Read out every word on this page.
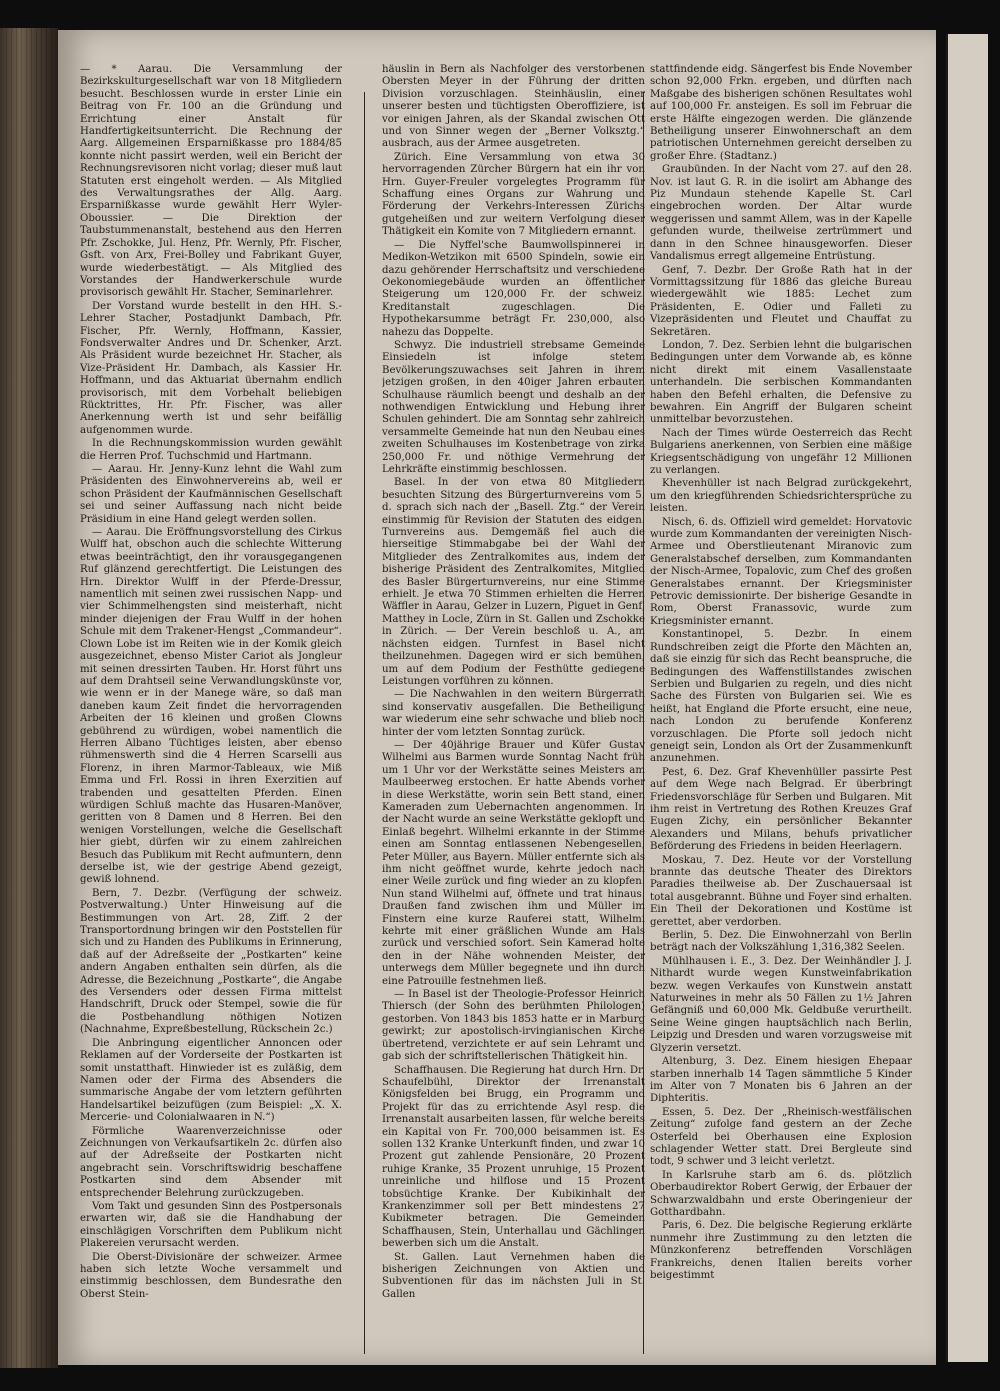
— * Aarau. Die Versammlung der Bezirkskulturgesellschaft war von 18 Mitgliedern besucht. Beschlossen wurde in erster Linie ein Beitrag von Fr. 100 an die Gründung und Errichtung einer Anstalt für Handfertigkeitsunterricht. Die Rechnung der Aarg. Allgemeinen Ersparnißkasse pro 1884/85 konnte nicht passirt werden, weil ein Bericht der Rechnungsrevisoren nicht vorlag; dieser muß laut Statuten erst eingeholt werden. — Als Mitglied des Verwaltungsrathes der Allg. Aarg. Ersparnißkasse wurde gewählt Herr Wyler-Oboussier. — Die Direktion der Taubstummenanstalt, bestehend aus den Herren Pfr. Zschokke, Jul. Henz, Pfr. Wernly, Pfr. Fischer, Gsft. von Arx, Frei-Bolley und Fabrikant Guyer, wurde wiederbestätigt. — Als Mitglied des Vorstandes der Handwerkerschule wurde provisorisch gewählt Hr. Stacher, Seminarlehrer.

Der Vorstand wurde bestellt in den HH. S.-Lehrer Stacher, Postadjunkt Dambach, Pfr. Fischer, Pfr. Wernly, Hoffmann, Kassier, Fondsverwalter Andres und Dr. Schenker, Arzt. Als Präsident wurde bezeichnet Hr. Stacher, als Vize-Präsident Hr. Dambach, als Kassier Hr. Hoffmann, und das Aktuariat übernahm endlich provisorisch, mit dem Vorbehalt beliebigen Rücktrittes, Hr. Pfr. Fischer, was aller Anerkennung werth ist und sehr beifällig aufgenommen wurde.

In die Rechnungskommission wurden gewählt die Herren Prof. Tuchschmid und Hartmann.

— Aarau. Hr. Jenny-Kunz lehnt die Wahl zum Präsidenten des Einwohnervereins ab, weil er schon Präsident der Kaufmännischen Gesellschaft sei und seiner Auffassung nach nicht beide Präsidium in eine Hand gelegt werden sollen.

— Aarau. Die Eröffnungsvorstellung des Cirkus Wulff hat, obschon auch die schlechte Witterung etwas beeinträchtigt, den ihr vorausgegangenen Ruf glänzend gerechtfertigt. Die Leistungen des Hrn. Direktor Wulff in der Pferde-Dressur, namentlich mit seinen zwei russischen Napp- und vier Schimmelhengsten sind meisterhaft, nicht minder diejenigen der Frau Wulff in der hohen Schule mit dem Trakener-Hengst „Commandeur“. Clown Lobe ist im Reiten wie in der Komik gleich ausgezeichnet, ebenso Mister Cariot als Jongleur mit seinen dressirten Tauben. Hr. Horst führt uns auf dem Drahtseil seine Verwandlungskünste vor, wie wenn er in der Manege wäre, so daß man daneben kaum Zeit findet die hervorragenden Arbeiten der 16 kleinen und großen Clowns gebührend zu würdigen, wobei namentlich die Herren Albano Tüchtiges leisten, aber ebenso rühmenswerth sind die 4 Herren Scarselli aus Florenz, in ihren Marmor-Tableaux, wie Miß Emma und Frl. Rossi in ihren Exerzitien auf trabenden und gesattelten Pferden. Einen würdigen Schluß machte das Husaren-Manöver, geritten von 8 Damen und 8 Herren. Bei den wenigen Vorstellungen, welche die Gesellschaft hier giebt, dürfen wir zu einem zahlreichen Besuch das Publikum mit Recht aufmuntern, denn derselbe ist, wie der gestrige Abend gezeigt, gewiß lohnend.

Bern, 7. Dezbr. (Verfügung der schweiz. Postverwaltung.) Unter Hinweisung auf die Bestimmungen von Art. 28, Ziff. 2 der Transportordnung bringen wir den Poststellen für sich und zu Handen des Publikums in Erinnerung, daß auf der Adreßseite der „Postkarten“ keine andern Angaben enthalten sein dürfen, als die Adresse, die Bezeichnung „Postkarte“, die Angabe des Versenders oder dessen Firma mittelst Handschrift, Druck oder Stempel, sowie die für die Postbehandlung nöthigen Notizen (Nachnahme, Expreßbestellung, Rückschein 2c.)

Die Anbringung eigentlicher Annoncen oder Reklamen auf der Vorderseite der Postkarten ist somit unstatthaft. Hinwieder ist es zuläßig, dem Namen oder der Firma des Absenders die summarische Angabe der vom letztern geführten Handelsartikel beizufügen (zum Beispiel: „X. X. Mercerie- und Colonialwaaren in N.“)

Förmliche Waarenverzeichnisse oder Zeichnungen von Verkaufsartikeln 2c. dürfen also auf der Adreßseite der Postkarten nicht angebracht sein. Vorschriftswidrig beschaffene Postkarten sind dem Absender mit entsprechender Belehrung zurückzugeben.

Vom Takt und gesunden Sinn des Postpersonals erwarten wir, daß sie die Handhabung der einschlägigen Vorschriften dem Publikum nicht Plakereien verursacht werden.

Die Oberst-Divisionäre der schweizer. Armee haben sich letzte Woche versammelt und einstimmig beschlossen, dem Bundesrathe den Oberst Stein-

häuslin in Bern als Nachfolger des verstorbenen Obersten Meyer in der Führung der dritten Division vorzuschlagen. Steinhäuslin, einer unserer besten und tüchtigsten Oberoffiziere, ist vor einigen Jahren, als der Skandal zwischen Ott und von Sinner wegen der „Berner Volksztg.“ ausbrach, aus der Armee ausgetreten.

Zürich. Eine Versammlung von etwa 30 hervorragenden Zürcher Bürgern hat ein ihr von Hrn. Guyer-Freuler vorgelegtes Programm für Schaffung eines Organs zur Wahrung und Förderung der Verkehrs-Interessen Zürichs gutgeheißen und zur weitern Verfolgung dieser Thätigkeit ein Komite von 7 Mitgliedern ernannt.

— Die Nyffel'sche Baumwollspinnerei in Medikon-Wetzikon mit 6500 Spindeln, sowie ein dazu gehörender Herrschaftsitz und verschiedene Oekonomiegebäude wurden an öffentlicher Steigerung um 120,000 Fr. der schweiz. Kreditanstalt zugeschlagen. Die Hypothekarsumme beträgt Fr. 230,000, also nahezu das Doppelte.

Schwyz. Die industriell strebsame Gemeinde Einsiedeln ist infolge stetem Bevölkerungszuwachses seit Jahren in ihrem jetzigen großen, in den 40iger Jahren erbauten Schulhause räumlich beengt und deshalb an der nothwendigen Entwicklung und Hebung ihrer Schulen gehindert. Die am Sonntag sehr zahlreich versammelte Gemeinde hat nun den Neubau eines zweiten Schulhauses im Kostenbetrage von zirka 250,000 Fr. und nöthige Vermehrung der Lehrkräfte einstimmig beschlossen.

Basel. In der von etwa 80 Mitgliedern besuchten Sitzung des Bürgerturnvereins vom 5. d. sprach sich nach der „Basell. Ztg.“ der Verein einstimmig für Revision der Statuten des eidgen. Turnvereins aus. Demgemäß fiel auch die hierseitige Stimmabgabe bei der Wahl der Mitglieder des Zentralkomites aus, indem der bisherige Präsident des Zentralkomites, Mitglied des Basler Bürgerturnvereins, nur eine Stimme erhielt. Je etwa 70 Stimmen erhielten die Herren Wäffler in Aarau, Gelzer in Luzern, Piguet in Genf, Matthey in Locle, Zürn in St. Gallen und Zschokke in Zürich. — Der Verein beschloß u. A., am nächsten eidgen. Turnfest in Basel nicht theilzunehmen. Dagegen wird er sich bemühen, um auf dem Podium der Festhütte gediegene Leistungen vorführen zu können.

— Die Nachwahlen in den weitern Bürgerrath sind konservativ ausgefallen. Die Betheiligung war wiederum eine sehr schwache und blieb noch hinter der vom letzten Sonntag zurück.

— Der 40jährige Brauer und Küfer Gustav Wilhelmi aus Barmen wurde Sonntag Nacht früh um 1 Uhr vor der Werkstätte seines Meisters am Maulbeerweg erstochen. Er hatte Abends vorher in diese Werkstätte, worin sein Bett stand, einen Kameraden zum Uebernachten angenommen. In der Nacht wurde an seine Werkstätte geklopft und Einlaß begehrt. Wilhelmi erkannte in der Stimme einen am Sonntag entlassenen Nebengesellen, Peter Müller, aus Bayern. Müller entfernte sich als ihm nicht geöffnet wurde, kehrte jedoch nach einer Weile zurück und fing wieder an zu klopfen. Nun stand Wilhelmi auf, öffnete und trat hinaus. Draußen fand zwischen ihm und Müller im Finstern eine kurze Rauferei statt, Wilhelmi kehrte mit einer gräßlichen Wunde am Hals zurück und verschied sofort. Sein Kamerad holte den in der Nähe wohnenden Meister, der unterwegs dem Müller begegnete und ihn durch eine Patrouille festnehmen ließ.

— In Basel ist der Theologie-Professor Heinrich Thiersch (der Sohn des berühmten Philologen) gestorben. Von 1843 bis 1853 hatte er in Marburg gewirkt; zur apostolisch-irvingianischen Kirche übertretend, verzichtete er auf sein Lehramt und gab sich der schriftstellerischen Thätigkeit hin.

Schaffhausen. Die Regierung hat durch Hrn. Dr. Schaufelbühl, Direktor der Irrenanstalt Königsfelden bei Brugg, ein Programm und Projekt für das zu errichtende Asyl resp. die Irrenanstalt ausarbeiten lassen, für welche bereits ein Kapital von Fr. 700,000 beisammen ist. Es sollen 132 Kranke Unterkunft finden, und zwar 10 Prozent gut zahlende Pensionäre, 20 Prozent ruhige Kranke, 35 Prozent unruhige, 15 Prozent unreinliche und hilflose und 15 Prozent tobsüchtige Kranke. Der Kubikinhalt der Krankenzimmer soll per Bett mindestens 27 Kubikmeter betragen. Die Gemeinden Schaffhausen, Stein, Unterhallau und Gächlingen bewerben sich um die Anstalt.

St. Gallen. Laut Vernehmen haben die bisherigen Zeichnungen von Aktien und Subventionen für das im nächsten Juli in St. Gallen

stattfindende eidg. Sängerfest bis Ende November schon 92,000 Frkn. ergeben, und dürften nach Maßgabe des bisherigen schönen Resultates wohl auf 100,000 Fr. ansteigen. Es soll im Februar die erste Hälfte eingezogen werden. Die glänzende Betheiligung unserer Einwohnerschaft an dem patriotischen Unternehmen gereicht derselben zu großer Ehre. (Stadtanz.)

Graubünden. In der Nacht vom 27. auf den 28. Nov. ist laut G. R. in die isolirt am Abhange des Piz Mundaun stehende Kapelle St. Carl eingebrochen worden. Der Altar wurde weggerissen und sammt Allem, was in der Kapelle gefunden wurde, theilweise zertrümmert und dann in den Schnee hinausgeworfen. Dieser Vandalismus erregt allgemeine Entrüstung.

Genf, 7. Dezbr. Der Große Rath hat in der Vormittagssitzung für 1886 das gleiche Bureau wiedergewählt wie 1885: Lechet zum Präsidenten, E. Odier und Falleti zu Vizepräsidenten und Fleutet und Chauffat zu Sekretären.

London, 7. Dez. Serbien lehnt die bulgarischen Bedingungen unter dem Vorwande ab, es könne nicht direkt mit einem Vasallenstaate unterhandeln. Die serbischen Kommandanten haben den Befehl erhalten, die Defensive zu bewahren. Ein Angriff der Bulgaren scheint unmittelbar bevorzustehen.

Nach der Times würde Oesterreich das Recht Bulgariens anerkennen, von Serbien eine mäßige Kriegsentschädigung von ungefähr 12 Millionen zu verlangen.

Khevenhüller ist nach Belgrad zurückgekehrt, um den kriegführenden Schiedsrichtersprüche zu leisten.

Nisch, 6. ds. Offiziell wird gemeldet: Horvatovic wurde zum Kommandanten der vereinigten Nisch-Armee und Oberstlieutenant Miranovic zum Generalstabschef derselben, zum Kommandanten der Nisch-Armee, Topalovic, zum Chef des großen Generalstabes ernannt. Der Kriegsminister Petrovic demissionirte. Der bisherige Gesandte in Rom, Oberst Franassovic, wurde zum Kriegsminister ernannt.

Konstantinopel, 5. Dezbr. In einem Rundschreiben zeigt die Pforte den Mächten an, daß sie einzig für sich das Recht beanspruche, die Bedingungen des Waffenstillstandes zwischen Serbien und Bulgarien zu regeln, und dies nicht Sache des Fürsten von Bulgarien sei. Wie es heißt, hat England die Pforte ersucht, eine neue, nach London zu berufende Konferenz vorzuschlagen. Die Pforte soll jedoch nicht geneigt sein, London als Ort der Zusammenkunft anzunehmen.

Pest, 6. Dez. Graf Khevenhüller passirte Pest auf dem Wege nach Belgrad. Er überbringt Friedensvorschläge für Serben und Bulgaren. Mit ihm reist in Vertretung des Rothen Kreuzes Graf Eugen Zichy, ein persönlicher Bekannter Alexanders und Milans, behufs privatlicher Beförderung des Friedens in beiden Heerlagern.

Moskau, 7. Dez. Heute vor der Vorstellung brannte das deutsche Theater des Direktors Paradies theilweise ab. Der Zuschauersaal ist total ausgebrannt. Bühne und Foyer sind erhalten. Ein Theil der Dekorationen und Kostüme ist gerettet, aber verdorben.

Berlin, 5. Dez. Die Einwohnerzahl von Berlin beträgt nach der Volkszählung 1,316,382 Seelen.

Mühlhausen i. E., 3. Dez. Der Weinhändler J. J. Nithardt wurde wegen Kunstweinfabrikation bezw. wegen Verkaufes von Kunstwein anstatt Naturweines in mehr als 50 Fällen zu 1½ Jahren Gefängniß und 60,000 Mk. Geldbuße verurtheilt. Seine Weine gingen hauptsächlich nach Berlin, Leipzig und Dresden und waren vorzugsweise mit Glyzerin versetzt.

Altenburg, 3. Dez. Einem hiesigen Ehepaar starben innerhalb 14 Tagen sämmtliche 5 Kinder im Alter von 7 Monaten bis 6 Jahren an der Diphteritis.

Essen, 5. Dez. Der „Rheinisch-westfälischen Zeitung“ zufolge fand gestern an der Zeche Osterfeld bei Oberhausen eine Explosion schlagender Wetter statt. Drei Bergleute sind todt, 9 schwer und 3 leicht verletzt.

In Karlsruhe starb am 6. ds. plötzlich Oberbaudirektor Robert Gerwig, der Erbauer der Schwarzwaldbahn und erste Oberingenieur der Gotthardbahn.

Paris, 6. Dez. Die belgische Regierung erklärte nunmehr ihre Zustimmung zu den letzten die Münzkonferenz betreffenden Vorschlägen Frankreichs, denen Italien bereits vorher beigestimmt
